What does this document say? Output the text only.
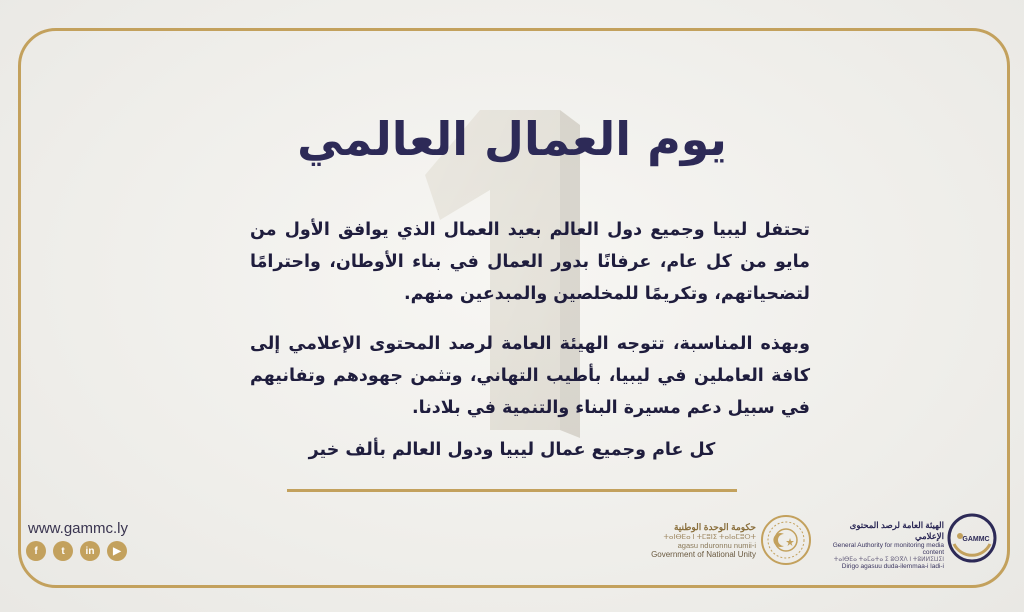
يوم العمال العالمي
تحتفل ليبيا وجميع دول العالم بعيد العمال الذي يوافق الأول من مايو من كل عام، عرفانًا بدور العمال في بناء الأوطان، واحترامًا لتضحياتهم، وتكريمًا للمخلصين والمبدعين منهم.
وبهذه المناسبة، تتوجه الهيئة العامة لرصد المحتوى الإعلامي إلى كافة العاملين في ليبيا، بأطيب التهاني، وتثمن جهودهم وتفانيهم في سبيل دعم مسيرة البناء والتنمية في بلادنا.
كل عام وجميع عمال ليبيا ودول العالم بألف خير
www.gammc.ly
f	t	in	▶
حكومة الوحدة الوطنية
ⵜⴰⵏⴱⴹⴰ ⵏ ⵜⵎⵓⵏⵉ ⵜⴰⵏⴰⵎⵓⵔⵜ
agasu nduronnu numii-i
Government of National Unity
الهيئة العامة لرصد المحتوى الإعلامي
General Authority for monitoring media content
ⵜⴰⵏⴱⴹⴰ ⵜⴰⵎⴰⵜⴰ ⵉ ⵓⵙⴳⴷ ⵏ ⵜⵓⵍⵍⵉⵡⵉⵏ
Dirigo agasuu duda-ilemmaa-i ladi-i
GAMMC
